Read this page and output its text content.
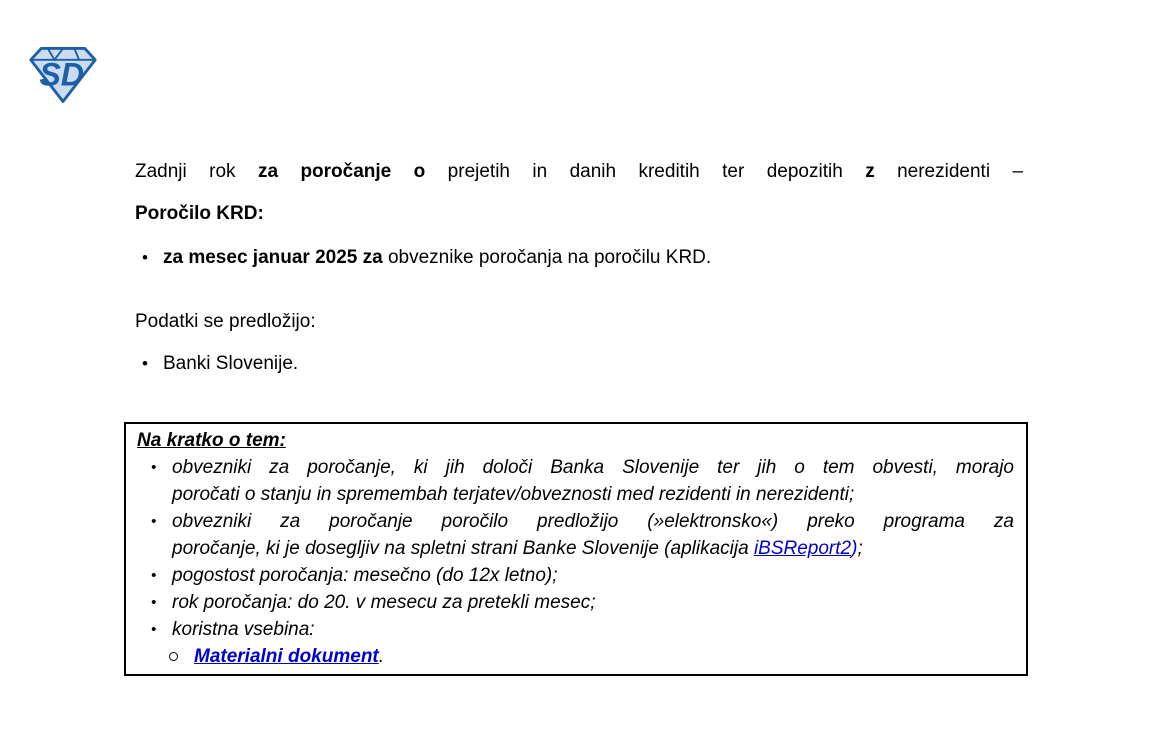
SD
Zadnji rok za poročanje o prejetih in danih kreditih ter depozitih z nerezidenti –
Poročilo KRD:
• za mesec januar 2025 za obveznike poročanja na poročilu KRD.
Podatki se predložijo:
• Banki Slovenije.
Na kratko o tem:
• obvezniki za poročanje, ki jih določi Banka Slovenije ter jih o tem obvesti, morajo
poročati o stanju in spremembah terjatev/obveznosti med rezidenti in nerezidenti;
• obvezniki za poročanje poročilo predložijo (»elektronsko«) preko programa za
poročanje, ki je dosegljiv na spletni strani Banke Slovenije (aplikacija iBSReport2);
• pogostost poročanja: mesečno (do 12x letno);
• rok poročanja: do 20. v mesecu za pretekli mesec;
• koristna vsebina:
Materialni dokument.
